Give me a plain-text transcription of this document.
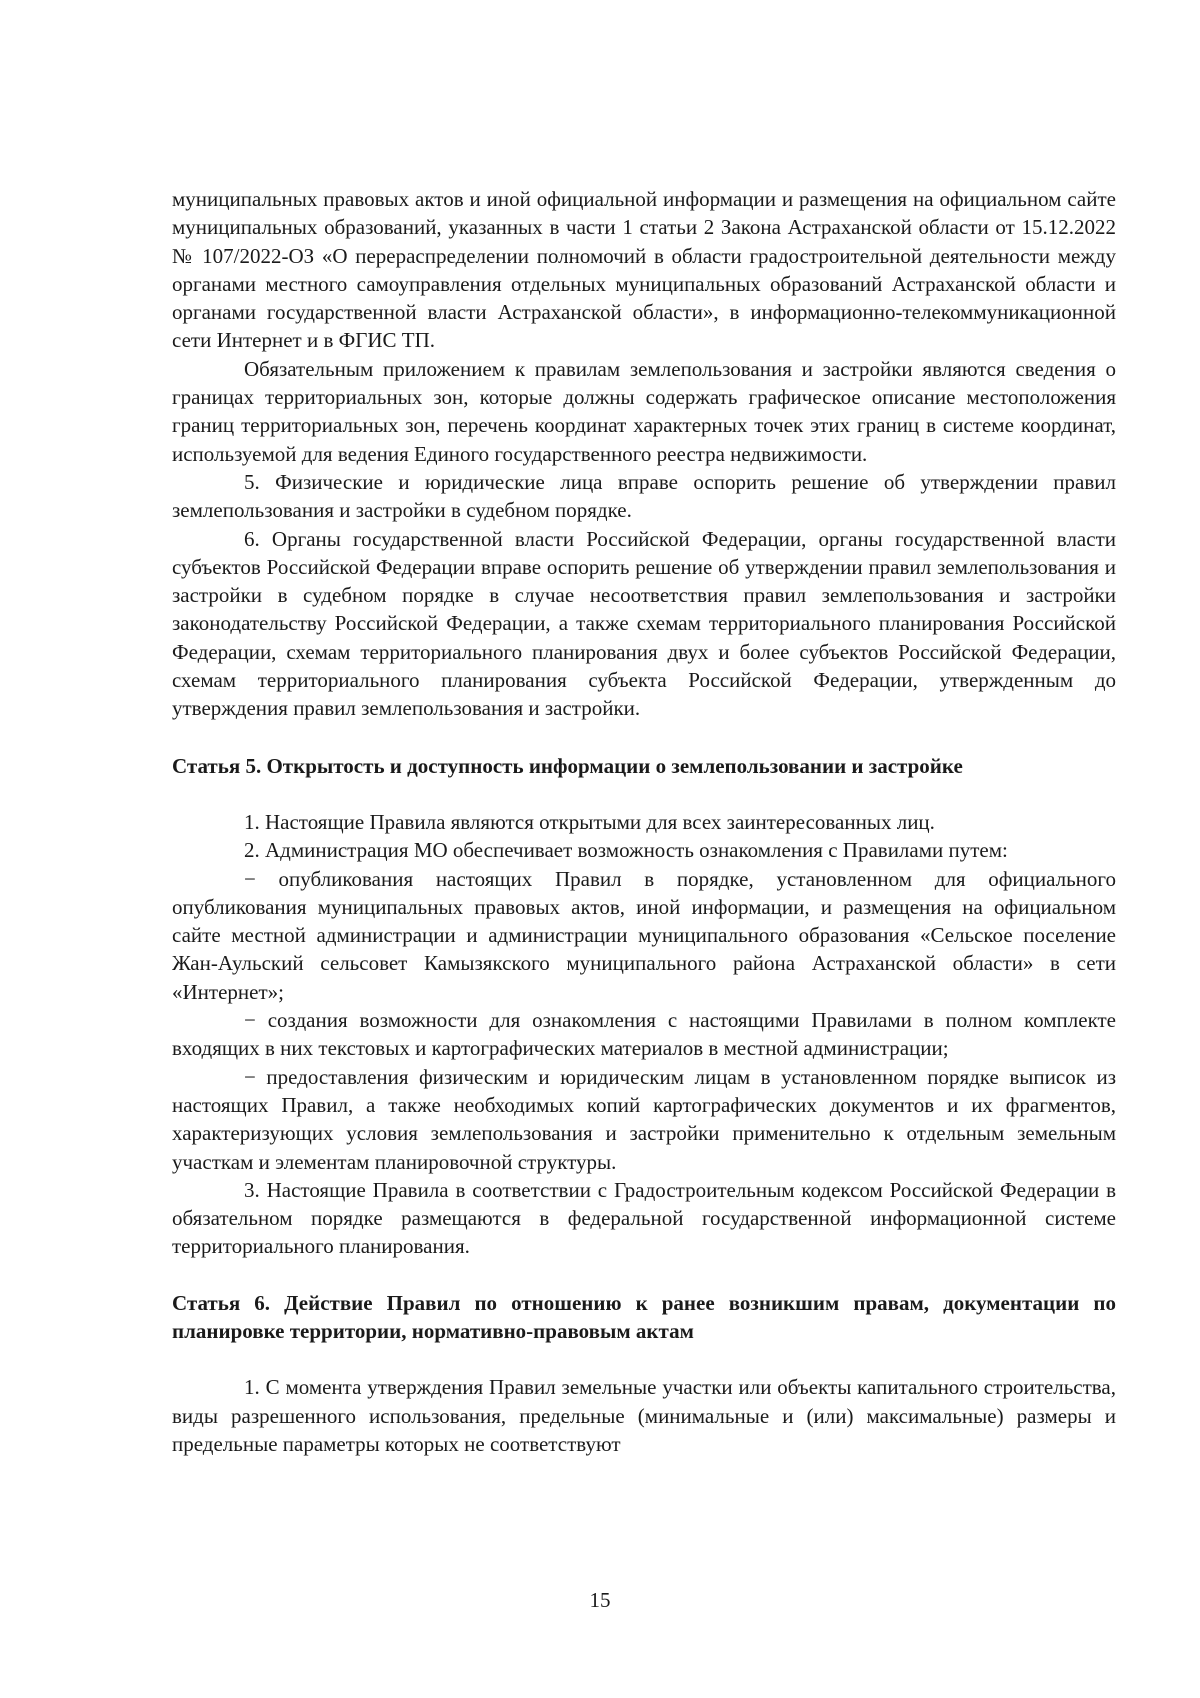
муниципальных правовых актов и иной официальной информации и размещения на официальном сайте муниципальных образований, указанных в части 1 статьи 2 Закона Астраханской области от 15.12.2022 № 107/2022-ОЗ «О перераспределении полномочий в области градостроительной деятельности между органами местного самоуправления отдельных муниципальных образований Астраханской области и органами государственной власти Астраханской области», в информационно-телекоммуникационной сети Интернет и в ФГИС ТП.

Обязательным приложением к правилам землепользования и застройки являются сведения о границах территориальных зон, которые должны содержать графическое описание местоположения границ территориальных зон, перечень координат характерных точек этих границ в системе координат, используемой для ведения Единого государственного реестра недвижимости.

5. Физические и юридические лица вправе оспорить решение об утверждении правил землепользования и застройки в судебном порядке.

6. Органы государственной власти Российской Федерации, органы государственной власти субъектов Российской Федерации вправе оспорить решение об утверждении правил землепользования и застройки в судебном порядке в случае несоответствия правил землепользования и застройки законодательству Российской Федерации, а также схемам территориального планирования Российской Федерации, схемам территориального планирования двух и более субъектов Российской Федерации, схемам территориального планирования субъекта Российской Федерации, утвержденным до утверждения правил землепользования и застройки.

Статья 5. Открытость и доступность информации о землепользовании и застройке

1. Настоящие Правила являются открытыми для всех заинтересованных лиц.

2. Администрация МО обеспечивает возможность ознакомления с Правилами путем:

− опубликования настоящих Правил в порядке, установленном для официального опубликования муниципальных правовых актов, иной информации, и размещения на официальном сайте местной администрации и администрации муниципального образования «Сельское поселение Жан-Аульский сельсовет Камызякского муниципального района Астраханской области» в сети «Интернет»;

− создания возможности для ознакомления с настоящими Правилами в полном комплекте входящих в них текстовых и картографических материалов в местной администрации;

− предоставления физическим и юридическим лицам в установленном порядке выписок из настоящих Правил, а также необходимых копий картографических документов и их фрагментов, характеризующих условия землепользования и застройки применительно к отдельным земельным участкам и элементам планировочной структуры.

3. Настоящие Правила в соответствии с Градостроительным кодексом Российской Федерации в обязательном порядке размещаются в федеральной государственной информационной системе территориального планирования.

Статья 6. Действие Правил по отношению к ранее возникшим правам, документации по планировке территории, нормативно-правовым актам

1. С момента утверждения Правил земельные участки или объекты капитального строительства, виды разрешенного использования, предельные (минимальные и (или) максимальные) размеры и предельные параметры которых не соответствуют

15
